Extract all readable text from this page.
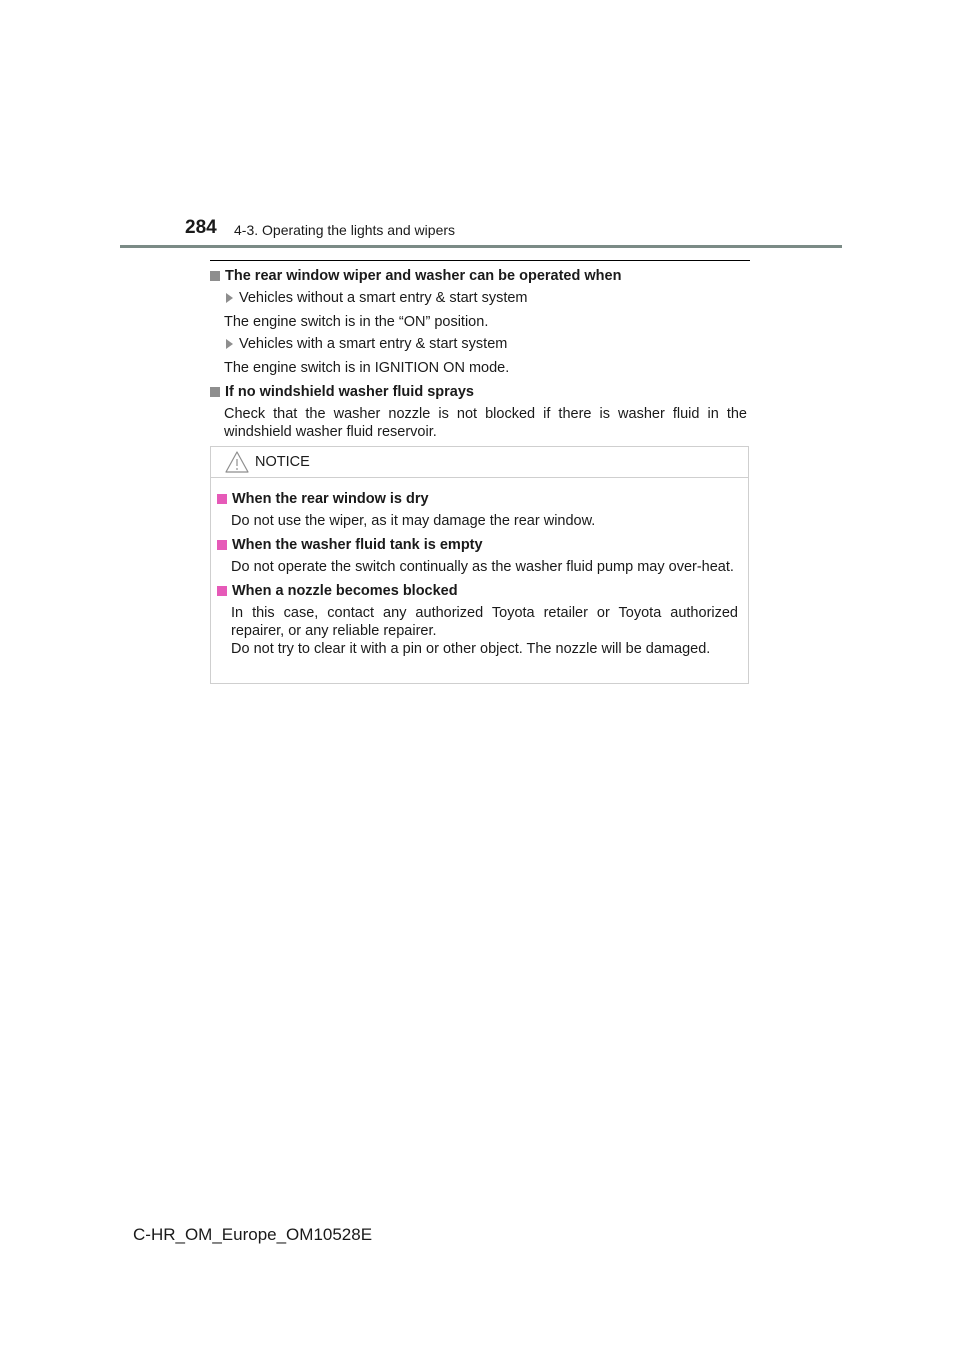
284 4-3. Operating the lights and wipers

The rear window wiper and washer can be operated when

Vehicles without a smart entry & start system

The engine switch is in the “ON” position.

Vehicles with a smart entry & start system

The engine switch is in IGNITION ON mode.

If no windshield washer fluid sprays

Check that the washer nozzle is not blocked if there is washer fluid in the windshield washer fluid reservoir.

NOTICE

When the rear window is dry

Do not use the wiper, as it may damage the rear window.

When the washer fluid tank is empty

Do not operate the switch continually as the washer fluid pump may over-heat.

When a nozzle becomes blocked

In this case, contact any authorized Toyota retailer or Toyota authorized repairer, or any reliable repairer.

Do not try to clear it with a pin or other object. The nozzle will be damaged.

C-HR_OM_Europe_OM10528E
